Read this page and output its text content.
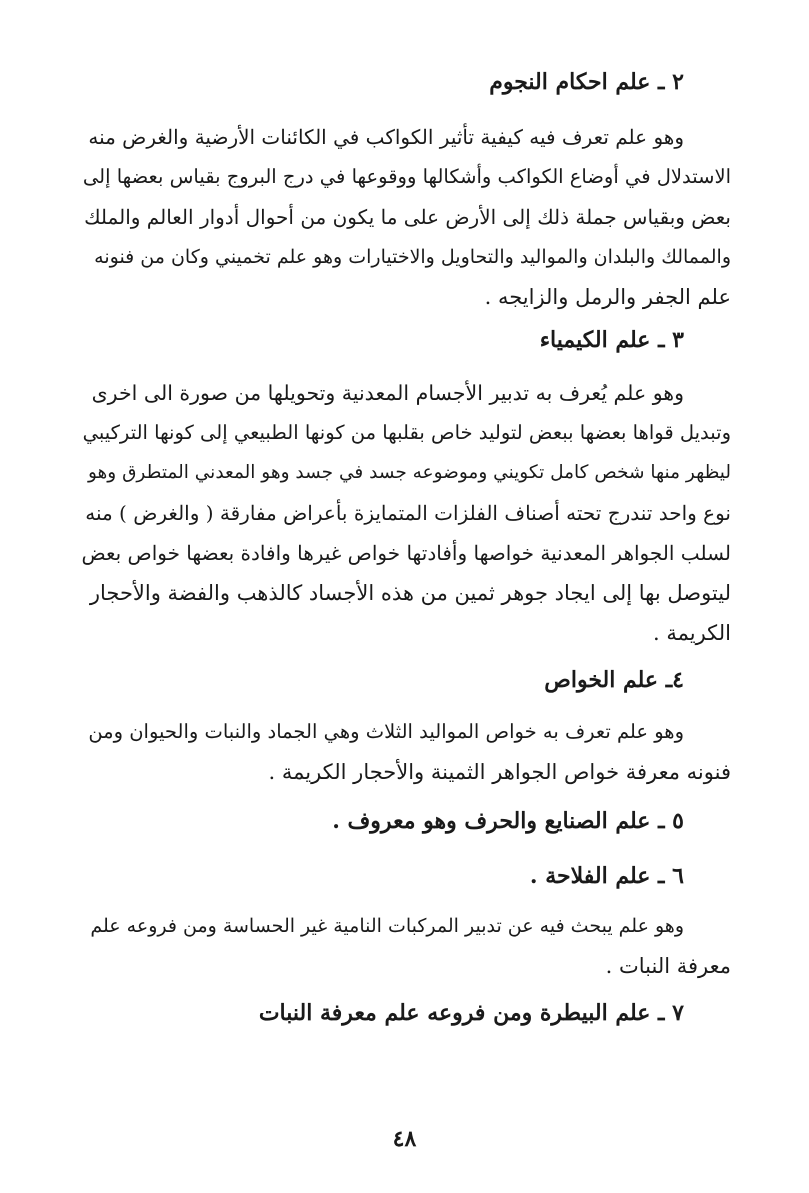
٢ ـ علم احكام النجوم
وهو علم تعرف فيه كيفية تأثير الكواكب في الكائنات الأرضية والغرض منه
الاستدلال في أوضاع الكواكب وأشكالها ووقوعها في درج البروج بقياس بعضها إلى
بعض وبقياس جملة ذلك إلى الأرض على ما يكون من أحوال أدوار العالم والملك
والممالك والبلدان والمواليد والتحاويل والاختيارات وهو علم تخميني وكان من فنونه
علم الجفر والرمل والزايجه .
٣ ـ علم الكيمياء
وهو علم يُعرف به تدبير الأجسام المعدنية وتحويلها من صورة الى اخرى
وتبديل قواها بعضها ببعض لتوليد خاص بقلبها من كونها الطبيعي إلى كونها التركيبي
ليظهر منها شخص كامل تكويني وموضوعه جسد في جسد وهو المعدني المتطرق وهو
نوع واحد تندرج تحته أصناف الفلزات المتمايزة بأعراض مفارقة ( والغرض ) منه
لسلب الجواهر المعدنية خواصها وأفادتها خواص غيرها وافادة بعضها خواص بعض
ليتوصل بها إلى ايجاد جوهر ثمين من هذه الأجساد كالذهب والفضة والأحجار
الكريمة .
٤ـ علم الخواص
وهو علم تعرف به خواص المواليد الثلاث وهي الجماد والنبات والحيوان ومن
فنونه معرفة خواص الجواهر الثمينة والأحجار الكريمة .
٥ ـ علم الصنايع والحرف وهو معروف .
٦ ـ علم الفلاحة .
وهو علم يبحث فيه عن تدبير المركبات النامية غير الحساسة ومن فروعه علم
معرفة النبات .
٧ ـ علم البيطرة ومن فروعه علم معرفة النبات
٤٨
